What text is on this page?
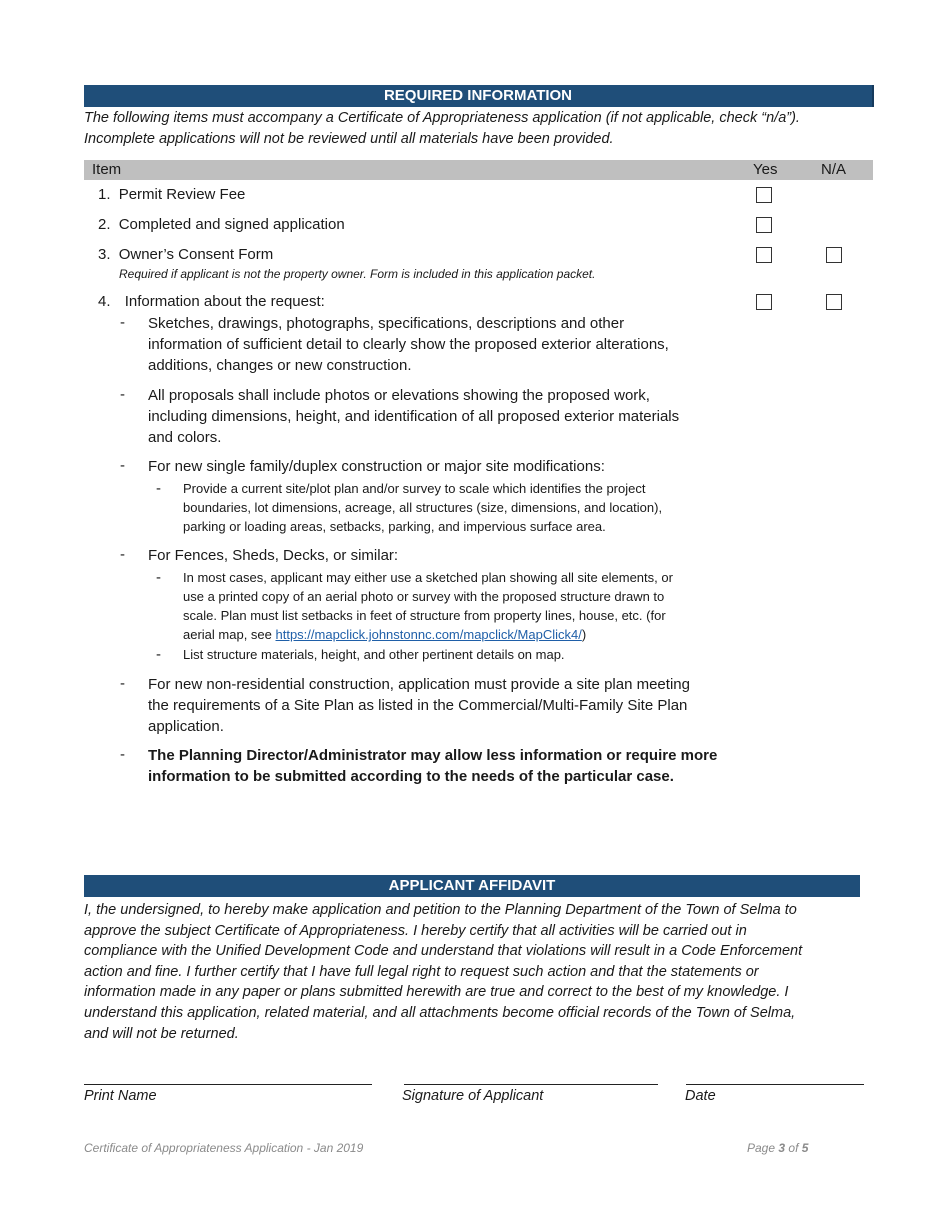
REQUIRED INFORMATION
The following items must accompany a Certificate of Appropriateness application (if not applicable, check “n/a”).
Incomplete applications will not be reviewed until all materials have been provided.
Item	Yes	N/A
1. Permit Review Fee
2. Completed and signed application
3. Owner’s Consent Form
Required if applicant is not the property owner. Form is included in this application packet.
4. Information about the request:
- Sketches, drawings, photographs, specifications, descriptions and other
information of sufficient detail to clearly show the proposed exterior alterations,
additions, changes or new construction.
- All proposals shall include photos or elevations showing the proposed work,
including dimensions, height, and identification of all proposed exterior materials
and colors.
- For new single family/duplex construction or major site modifications:
- Provide a current site/plot plan and/or survey to scale which identifies the project
boundaries, lot dimensions, acreage, all structures (size, dimensions, and location),
parking or loading areas, setbacks, parking, and impervious surface area.
- For Fences, Sheds, Decks, or similar:
- In most cases, applicant may either use a sketched plan showing all site elements, or
use a printed copy of an aerial photo or survey with the proposed structure drawn to
scale. Plan must list setbacks in feet of structure from property lines, house, etc. (for
aerial map, see https://mapclick.johnstonnc.com/mapclick/MapClick4/)
- List structure materials, height, and other pertinent details on map.
- For new non-residential construction, application must provide a site plan meeting
the requirements of a Site Plan as listed in the Commercial/Multi-Family Site Plan
application.
- The Planning Director/Administrator may allow less information or require more
information to be submitted according to the needs of the particular case.
APPLICANT AFFIDAVIT
I, the undersigned, to hereby make application and petition to the Planning Department of the Town of Selma to
approve the subject Certificate of Appropriateness. I hereby certify that all activities will be carried out in
compliance with the Unified Development Code and understand that violations will result in a Code Enforcement
action and fine. I further certify that I have full legal right to request such action and that the statements or
information made in any paper or plans submitted herewith are true and correct to the best of my knowledge. I
understand this application, related material, and all attachments become official records of the Town of Selma,
and will not be returned.
Print Name	Signature of Applicant	Date
Certificate of Appropriateness Application - Jan 2019	Page 3 of 5
